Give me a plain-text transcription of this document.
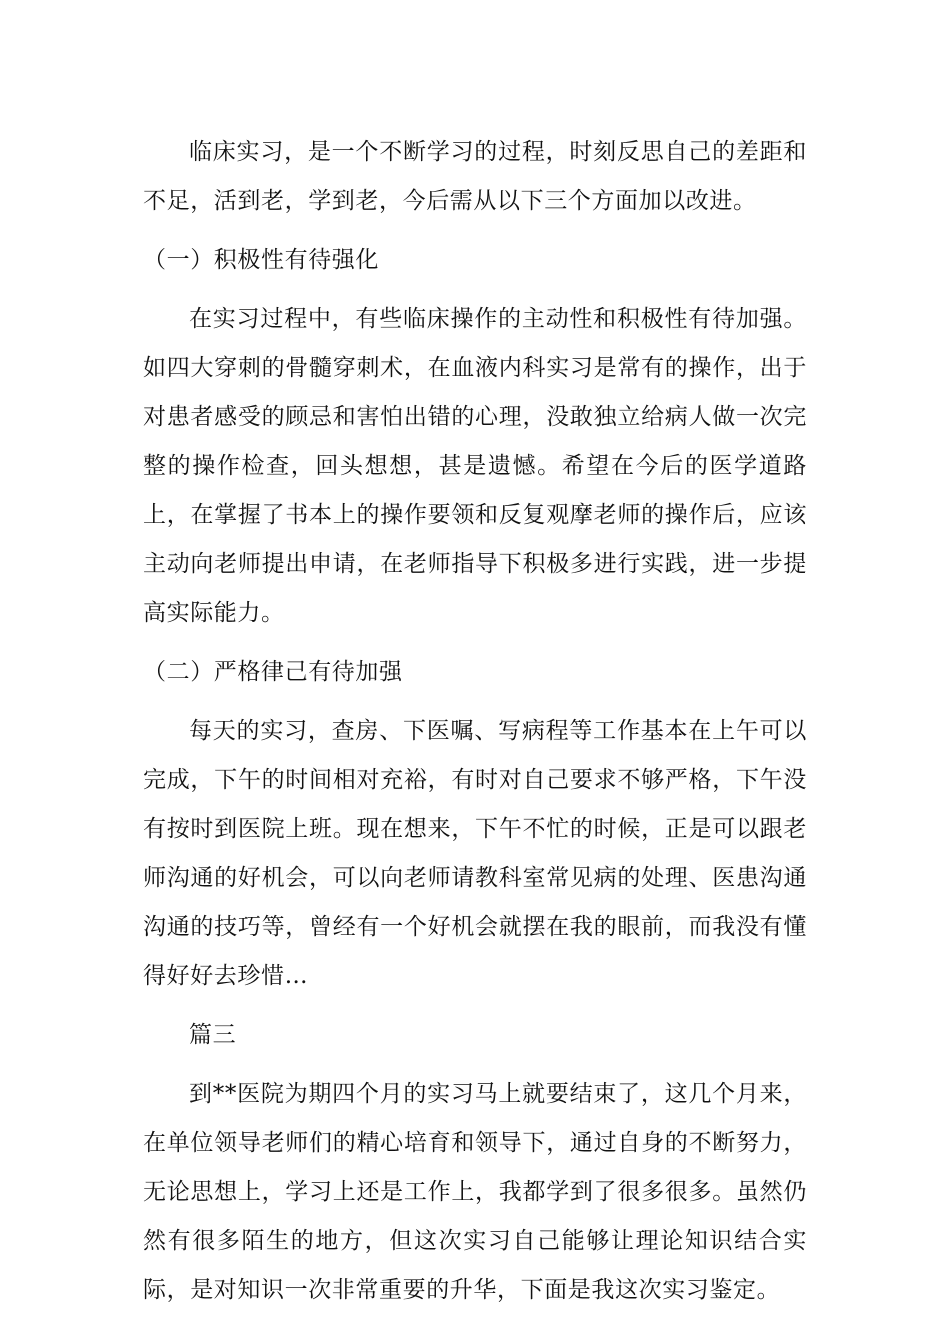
临床实习，是一个不断学习的过程，时刻反思自己的差距和不足，活到老，学到老，今后需从以下三个方面加以改进。

（一）积极性有待强化

在实习过程中，有些临床操作的主动性和积极性有待加强。如四大穿刺的骨髓穿刺术，在血液内科实习是常有的操作，出于对患者感受的顾忌和害怕出错的心理，没敢独立给病人做一次完整的操作检查，回头想想，甚是遗憾。希望在今后的医学道路上，在掌握了书本上的操作要领和反复观摩老师的操作后，应该主动向老师提出申请，在老师指导下积极多进行实践，进一步提高实际能力。

（二）严格律己有待加强

每天的实习，查房、下医嘱、写病程等工作基本在上午可以完成，下午的时间相对充裕，有时对自己要求不够严格，下午没有按时到医院上班。现在想来，下午不忙的时候，正是可以跟老师沟通的好机会，可以向老师请教科室常见病的处理、医患沟通沟通的技巧等，曾经有一个好机会就摆在我的眼前，而我没有懂得好好去珍惜…

篇三

到**医院为期四个月的实习马上就要结束了，这几个月来，在单位领导老师们的精心培育和领导下，通过自身的不断努力，无论思想上，学习上还是工作上，我都学到了很多很多。虽然仍然有很多陌生的地方，但这次实习自己能够让理论知识结合实际，是对知识一次非常重要的升华，下面是我这次实习鉴定。
